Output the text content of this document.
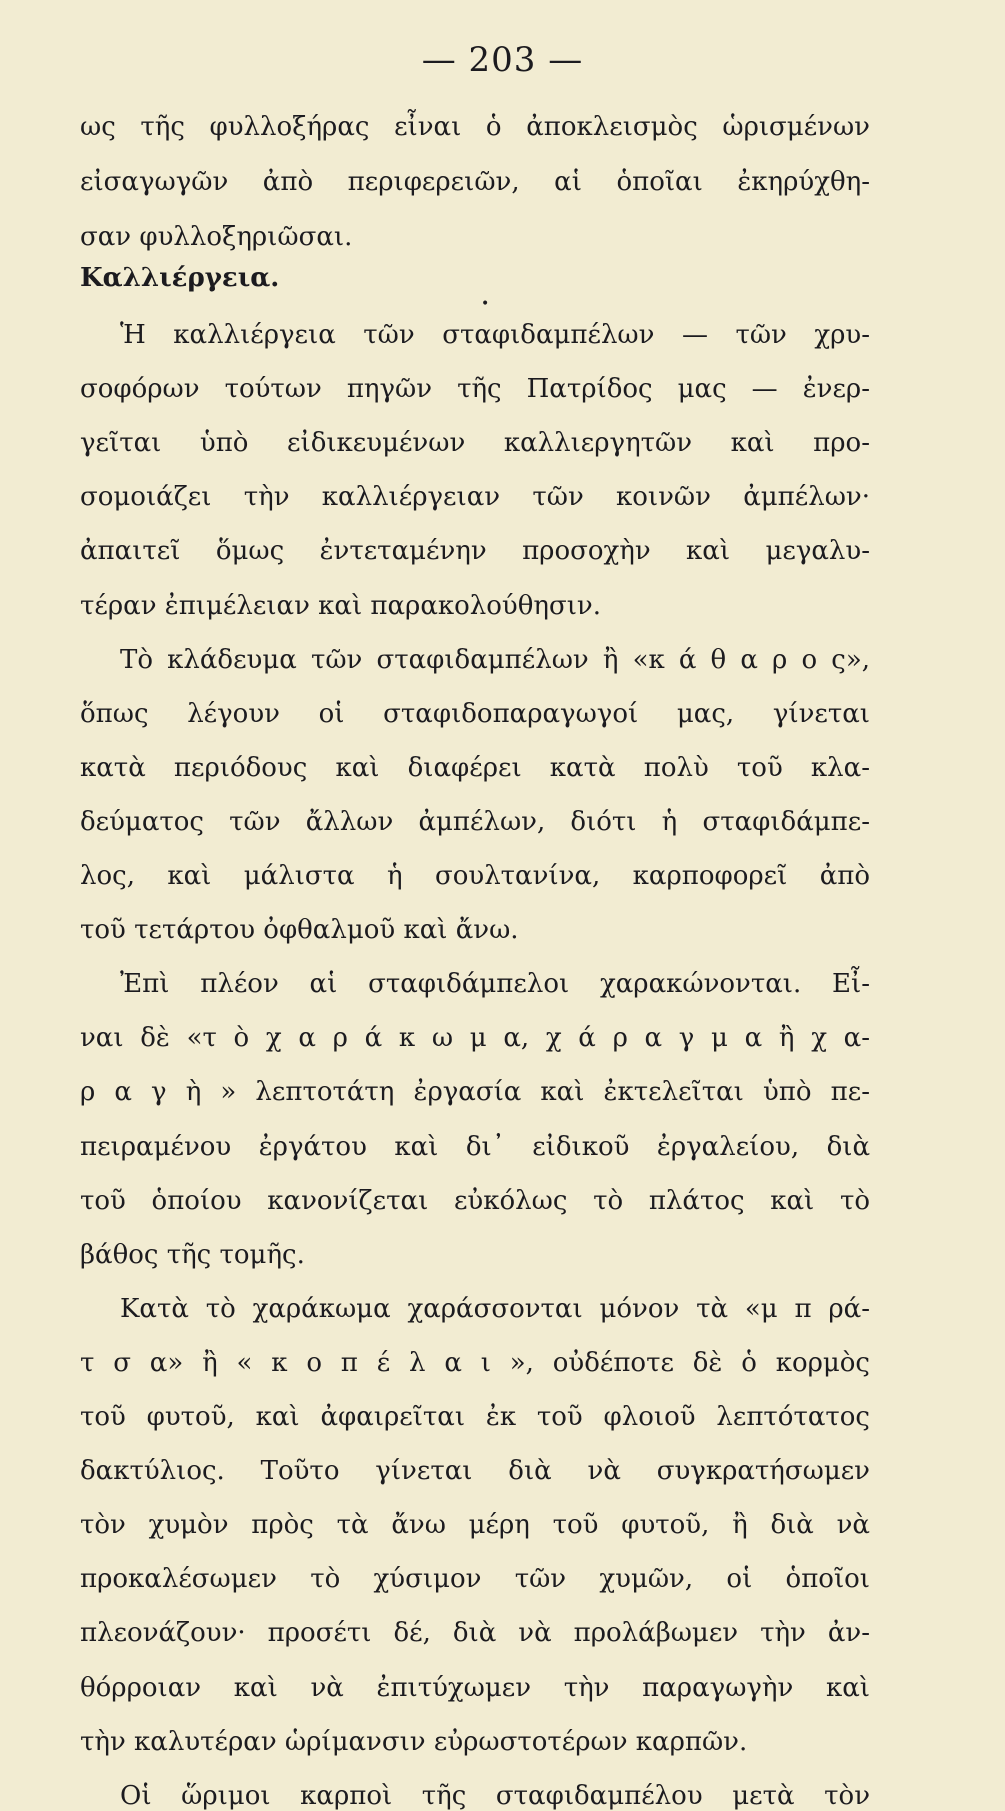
— 203 —
•
ως τῆς φυλλοξήρας εἶναι ὁ ἀποκλεισμὸς ὡρισμένων
εἰσαγωγῶν ἀπὸ περιφερειῶν, αἱ ὁποῖαι ἐκηρύχθη-
σαν φυλλοξηριῶσαι.
Καλλιέργεια.
Ἡ καλλιέργεια τῶν σταφιδαμπέλων — τῶν χρυ-
σοφόρων τούτων πηγῶν τῆς Πατρίδος μας — ἐνερ-
γεῖται ὑπὸ εἰδικευμένων καλλιεργητῶν καὶ προ-
σομοιάζει τὴν καλλιέργειαν τῶν κοινῶν ἀμπέλων·
ἀπαιτεῖ ὅμως ἐντεταμένην προσοχὴν καὶ μεγαλυ-
τέραν ἐπιμέλειαν καὶ παρακολούθησιν.
Τὸ κλάδευμα τῶν σταφιδαμπέλων ἢ «κ ά θ α ρ ο ς»,
ὅπως λέγουν οἱ σταφιδοπαραγωγοί μας, γίνεται
κατὰ περιόδους καὶ διαφέρει κατὰ πολὺ τοῦ κλα-
δεύματος τῶν ἄλλων ἀμπέλων, διότι ἡ σταφιδάμπε-
λος, καὶ μάλιστα ἡ σουλτανίνα, καρποφορεῖ ἀπὸ
τοῦ τετάρτου ὀφθαλμοῦ καὶ ἄνω.
Ἐπὶ πλέον αἱ σταφιδάμπελοι χαρακώνονται. Εἶ-
ναι δὲ «τ ὸ χ α ρ ά κ ω μ α, χ ά ρ α γ μ α ἢ χ α-
ρ α γ ὴ » λεπτοτάτη ἐργασία καὶ ἐκτελεῖται ὑπὸ πε-
πειραμένου ἐργάτου καὶ δι᾿ εἰδικοῦ ἐργαλείου, διὰ
τοῦ ὁποίου κανονίζεται εὐκόλως τὸ πλάτος καὶ τὸ
βάθος τῆς τομῆς.
Κατὰ τὸ χαράκωμα χαράσσονται μόνον τὰ «μ π ρά-
τ σ α» ἢ « κ ο π έ λ α ι », οὐδέποτε δὲ ὁ κορμὸς
τοῦ φυτοῦ, καὶ ἀφαιρεῖται ἐκ τοῦ φλοιοῦ λεπτότατος
δακτύλιος. Τοῦτο γίνεται διὰ νὰ συγκρατήσωμεν
τὸν χυμὸν πρὸς τὰ ἄνω μέρη τοῦ φυτοῦ, ἢ διὰ νὰ
προκαλέσωμεν τὸ χύσιμον τῶν χυμῶν, οἱ ὁποῖοι
πλεονάζουν· προσέτι δέ, διὰ νὰ προλάβωμεν τὴν ἀν-
θόρροιαν καὶ νὰ ἐπιτύχωμεν τὴν παραγωγὴν καὶ
τὴν καλυτέραν ὡρίμανσιν εὐρωστοτέρων καρπῶν.
Οἱ ὥριμοι καρποὶ τῆς σταφιδαμπέλου μετὰ τὸν
